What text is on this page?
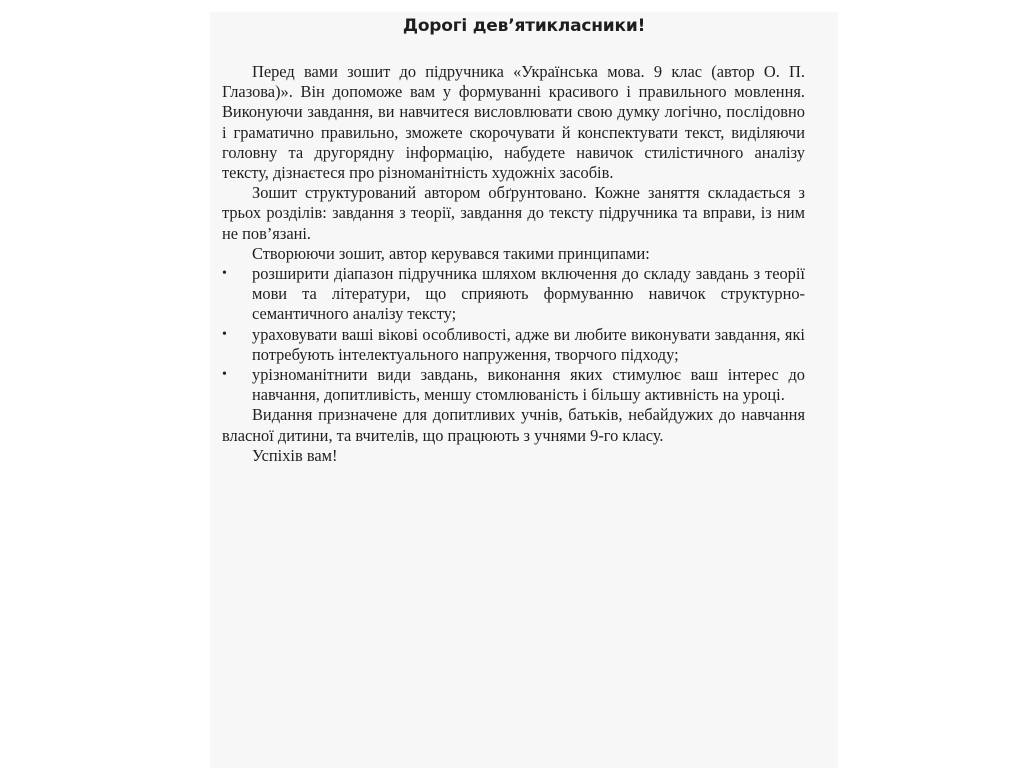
Дорогі дев’ятикласники!

Перед вами зошит до підручника «Українська мова. 9 клас (автор О. П. Глазова)». Він допоможе вам у формуванні красивого і правильного мовлення. Виконуючи завдання, ви навчитеся висловлювати свою думку логічно, послідовно і граматично правильно, зможете скорочувати й конспектувати текст, виділяючи головну та другорядну інформацію, набудете навичок стилістичного аналізу тексту, дізнаєтеся про різноманітність художніх засобів.

Зошит структурований автором обґрунтовано. Кожне заняття складається з трьох розділів: завдання з теорії, завдання до тексту підручника та вправи, із ним не пов’язані.

Створюючи зошит, автор керувався такими принципами:

•	розширити діапазон підручника шляхом включення до складу завдань з теорії мови та літератури, що сприяють формуванню навичок структурно-семантичного аналізу тексту;
•	ураховувати ваші вікові особливості, адже ви любите виконувати завдання, які потребують інтелектуального напруження, творчого підходу;
•	урізноманітнити види завдань, виконання яких стимулює ваш інтерес до навчання, допитливість, меншу стомлюваність і більшу активність на уроці.

Видання призначене для допитливих учнів, батьків, небайдужих до навчання власної дитини, та вчителів, що працюють з учнями 9-го класу.

Успіхів вам!
